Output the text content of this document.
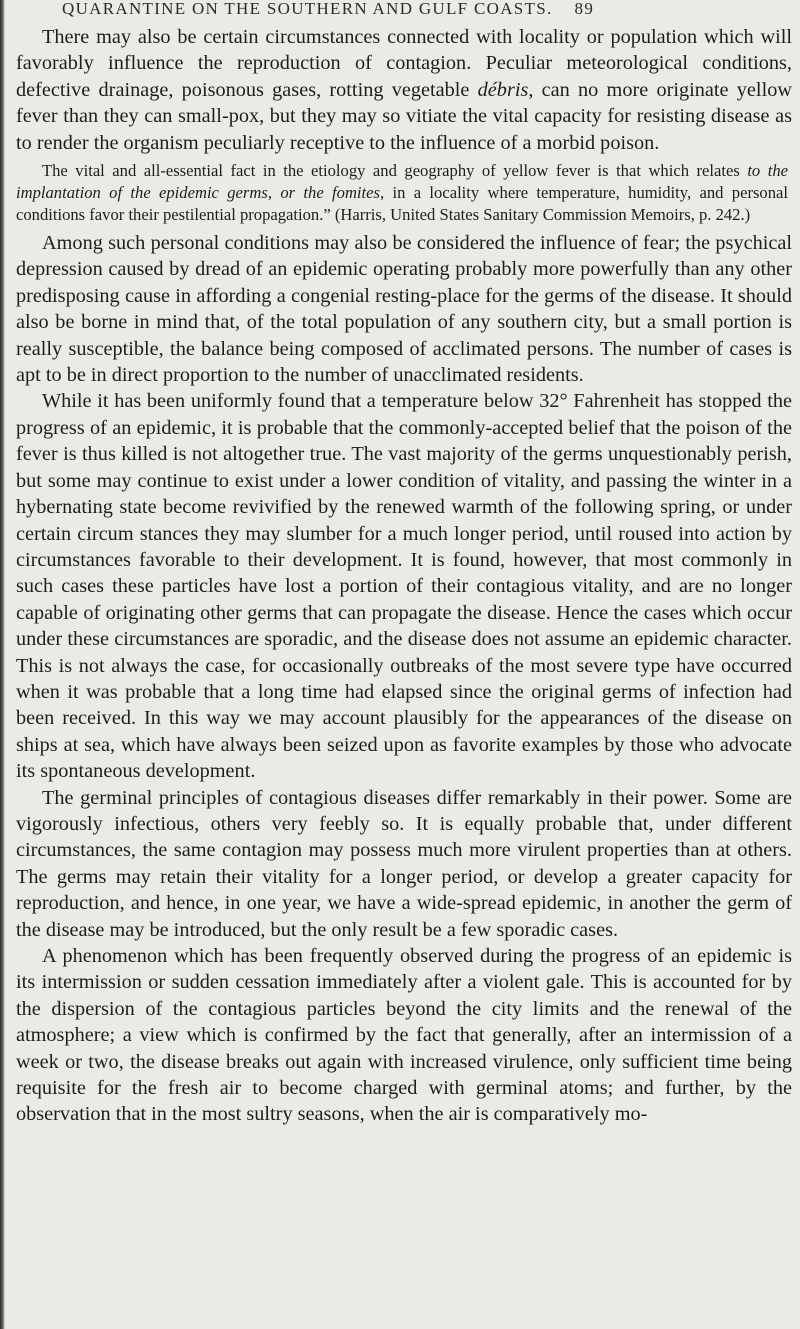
QUARANTINE ON THE SOUTHERN AND GULF COASTS. 89

There may also be certain circumstances connected with locality or population which will favorably influence the reproduction of contagion. Peculiar meteorological conditions, defective drainage, poisonous gases, rotting vegetable débris, can no more originate yellow fever than they can small-pox, but they may so vitiate the vital capacity for resisting disease as to render the organism peculiarly receptive to the influence of a morbid poison.

The vital and all-essential fact in the etiology and geography of yellow fever is that which relates to the implantation of the epidemic germs, or the fomites, in a locality where temperature, humidity, and personal conditions favor their pestilential propagation.” (Harris, United States Sanitary Commission Memoirs, p. 242.)

Among such personal conditions may also be considered the influence of fear; the psychical depression caused by dread of an epidemic operating probably more powerfully than any other predisposing cause in affording a congenial resting-place for the germs of the disease. It should also be borne in mind that, of the total population of any southern city, but a small portion is really susceptible, the balance being composed of acclimated persons. The number of cases is apt to be in direct proportion to the number of unacclimated residents.

While it has been uniformly found that a temperature below 32° Fahrenheit has stopped the progress of an epidemic, it is probable that the commonly-accepted belief that the poison of the fever is thus killed is not altogether true. The vast majority of the germs unquestionably perish, but some may continue to exist under a lower condition of vitality, and passing the winter in a hybernating state become revivified by the renewed warmth of the following spring, or under certain circum stances they may slumber for a much longer period, until roused into action by circumstances favorable to their development. It is found, however, that most commonly in such cases these particles have lost a portion of their contagious vitality, and are no longer capable of originating other germs that can propagate the disease. Hence the cases which occur under these circumstances are sporadic, and the disease does not assume an epidemic character. This is not always the case, for occasionally outbreaks of the most severe type have occurred when it was probable that a long time had elapsed since the original germs of infection had been received. In this way we may account plausibly for the appearances of the disease on ships at sea, which have always been seized upon as favorite examples by those who advocate its spontaneous development.

The germinal principles of contagious diseases differ remarkably in their power. Some are vigorously infectious, others very feebly so. It is equally probable that, under different circumstances, the same contagion may possess much more virulent properties than at others. The germs may retain their vitality for a longer period, or develop a greater capacity for reproduction, and hence, in one year, we have a wide-spread epidemic, in another the germ of the disease may be introduced, but the only result be a few sporadic cases.

A phenomenon which has been frequently observed during the progress of an epidemic is its intermission or sudden cessation immediately after a violent gale. This is accounted for by the dispersion of the contagious particles beyond the city limits and the renewal of the atmosphere; a view which is confirmed by the fact that generally, after an intermission of a week or two, the disease breaks out again with increased virulence, only sufficient time being requisite for the fresh air to become charged with germinal atoms; and further, by the observation that in the most sultry seasons, when the air is comparatively mo-
